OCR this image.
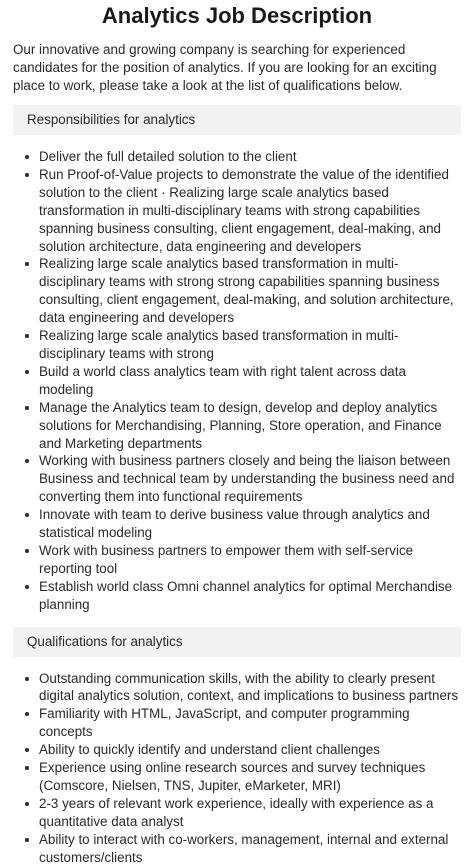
Analytics Job Description

Our innovative and growing company is searching for experienced candidates for the position of analytics. If you are looking for an exciting place to work, please take a look at the list of qualifications below.

Responsibilities for analytics
Deliver the full detailed solution to the client
Run Proof-of-Value projects to demonstrate the value of the identified solution to the client · Realizing large scale analytics based transformation in multi-disciplinary teams with strong capabilities spanning business consulting, client engagement, deal-making, and solution architecture, data engineering and developers
Realizing large scale analytics based transformation in multi-disciplinary teams with strong strong capabilities spanning business consulting, client engagement, deal-making, and solution architecture, data engineering and developers
Realizing large scale analytics based transformation in multi-disciplinary teams with strong
Build a world class analytics team with right talent across data modeling
Manage the Analytics team to design, develop and deploy analytics solutions for Merchandising, Planning, Store operation, and Finance and Marketing departments
Working with business partners closely and being the liaison between Business and technical team by understanding the business need and converting them into functional requirements
Innovate with team to derive business value through analytics and statistical modeling
Work with business partners to empower them with self-service reporting tool
Establish world class Omni channel analytics for optimal Merchandise planning
Qualifications for analytics
Outstanding communication skills, with the ability to clearly present digital analytics solution, context, and implications to business partners
Familiarity with HTML, JavaScript, and computer programming concepts
Ability to quickly identify and understand client challenges
Experience using online research sources and survey techniques (Comscore, Nielsen, TNS, Jupiter, eMarketer, MRI)
2-3 years of relevant work experience, ideally with experience as a quantitative data analyst
Ability to interact with co-workers, management, internal and external customers/clients
